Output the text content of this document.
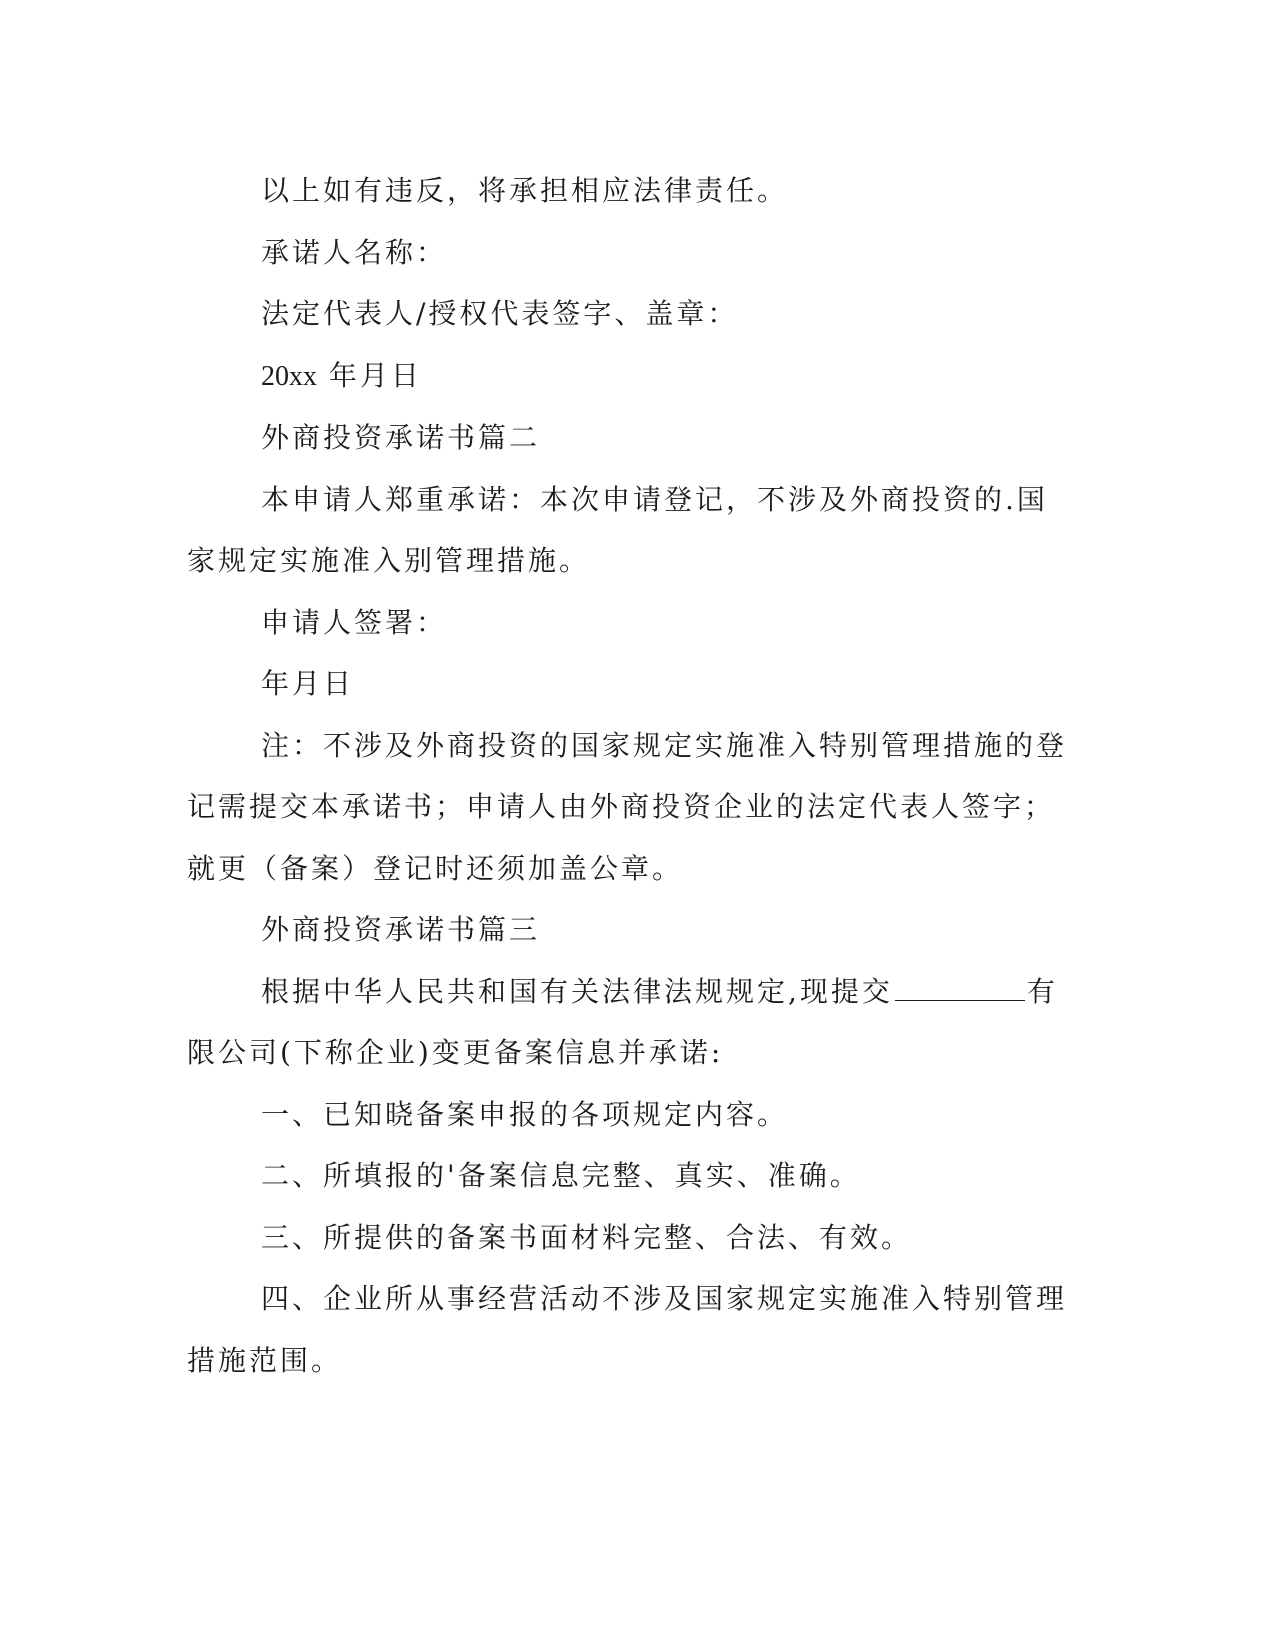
以上如有违反，将承担相应法律责任。

承诺人名称：

法定代表人/授权代表签字、盖章：

20xx 年月日

外商投资承诺书篇二

本申请人郑重承诺：本次申请登记，不涉及外商投资的.国家规定实施准入别管理措施。

申请人签署：

年月日

注：不涉及外商投资的国家规定实施准入特别管理措施的登记需提交本承诺书；申请人由外商投资企业的法定代表人签字；就更（备案）登记时还须加盖公章。

外商投资承诺书篇三

根据中华人民共和国有关法律法规规定,现提交	有限公司(下称企业)变更备案信息并承诺:

一、已知晓备案申报的各项规定内容。

二、所填报的'备案信息完整、真实、准确。

三、所提供的备案书面材料完整、合法、有效。

四、企业所从事经营活动不涉及国家规定实施准入特别管理措施范围。
